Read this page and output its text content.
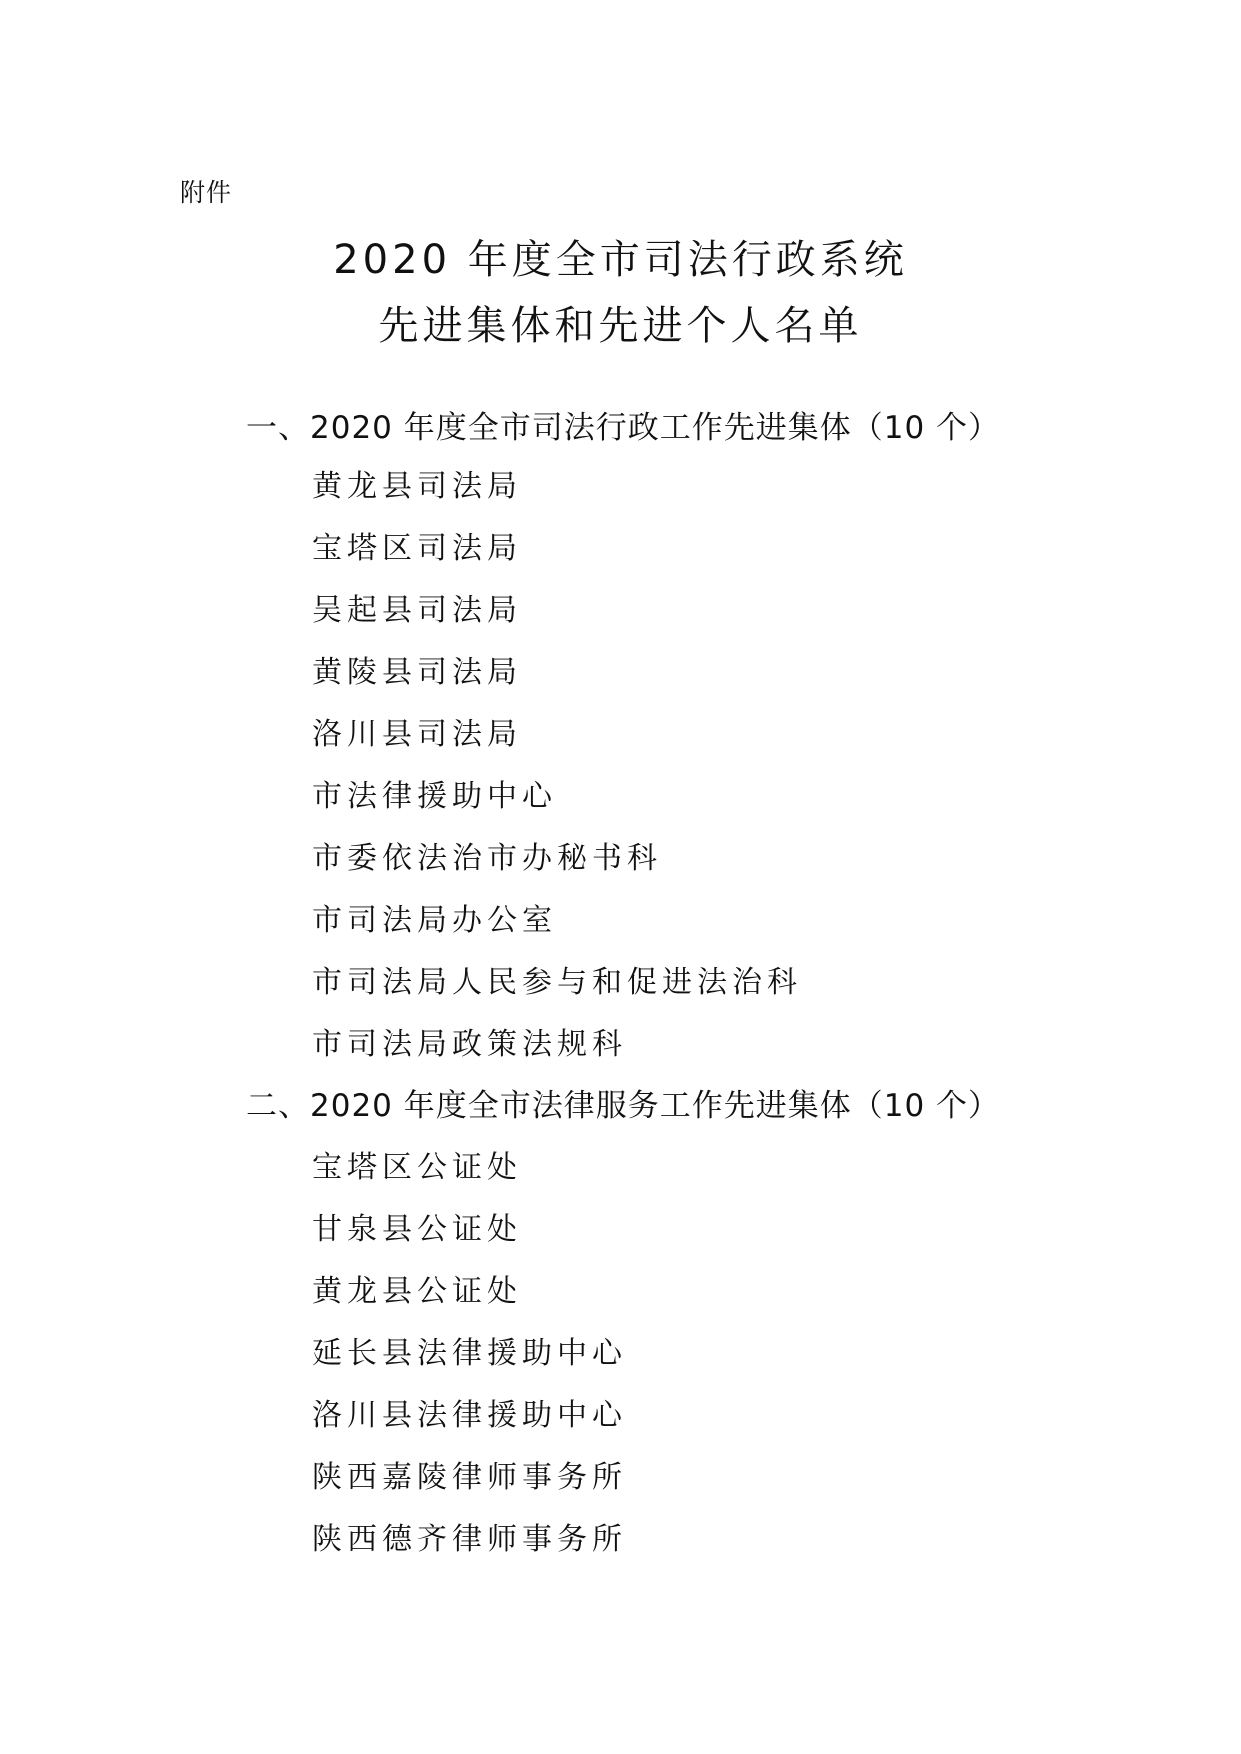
附件
2020 年度全市司法行政系统
先进集体和先进个人名单
一、2020 年度全市司法行政工作先进集体（10 个）
黄龙县司法局
宝塔区司法局
吴起县司法局
黄陵县司法局
洛川县司法局
市法律援助中心
市委依法治市办秘书科
市司法局办公室
市司法局人民参与和促进法治科
市司法局政策法规科
二、2020 年度全市法律服务工作先进集体（10 个）
宝塔区公证处
甘泉县公证处
黄龙县公证处
延长县法律援助中心
洛川县法律援助中心
陕西嘉陵律师事务所
陕西德齐律师事务所
